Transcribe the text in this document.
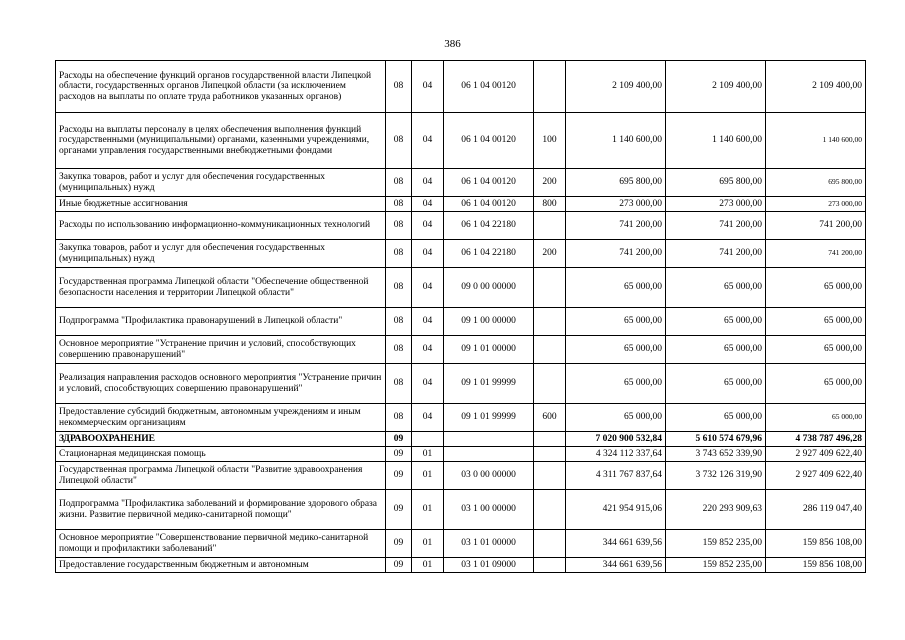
386
Расходы на обеспечение функций органов государственной власти Липецкой области, государственных органов Липецкой области (за исключением расходов на выплаты по оплате труда работников указанных органов)	08	04	06 1 04 00120		2 109 400,00	2 109 400,00	2 109 400,00
Расходы на выплаты персоналу в целях обеспечения выполнения функций государственными (муниципальными) органами, казенными учреждениями, органами управления государственными внебюджетными фондами	08	04	06 1 04 00120	100	1 140 600,00	1 140 600,00	1 140 600,00
Закупка товаров, работ и услуг для обеспечения государственных (муниципальных) нужд	08	04	06 1 04 00120	200	695 800,00	695 800,00	695 800,00
Иные бюджетные ассигнования	08	04	06 1 04 00120	800	273 000,00	273 000,00	273 000,00
Расходы по использованию информационно-коммуникационных технологий	08	04	06 1 04 22180		741 200,00	741 200,00	741 200,00
Закупка товаров, работ и услуг для обеспечения государственных (муниципальных) нужд	08	04	06 1 04 22180	200	741 200,00	741 200,00	741 200,00
Государственная программа Липецкой области "Обеспечение общественной безопасности населения и территории Липецкой области"	08	04	09 0 00 00000		65 000,00	65 000,00	65 000,00
Подпрограмма "Профилактика правонарушений в Липецкой области"	08	04	09 1 00 00000		65 000,00	65 000,00	65 000,00
Основное мероприятие "Устранение причин и условий, способствующих совершению правонарушений"	08	04	09 1 01 00000		65 000,00	65 000,00	65 000,00
Реализация направления расходов основного мероприятия "Устранение причин и условий, способствующих совершению правонарушений"	08	04	09 1 01 99999		65 000,00	65 000,00	65 000,00
Предоставление субсидий бюджетным, автономным учреждениям и иным некоммерческим организациям	08	04	09 1 01 99999	600	65 000,00	65 000,00	65 000,00
ЗДРАВООХРАНЕНИЕ	09				7 020 900 532,84	5 610 574 679,96	4 738 787 496,28
Стационарная медицинская помощь	09	01			4 324 112 337,64	3 743 652 339,90	2 927 409 622,40
Государственная программа Липецкой области "Развитие здравоохранения Липецкой области"	09	01	03 0 00 00000		4 311 767 837,64	3 732 126 319,90	2 927 409 622,40
Подпрограмма "Профилактика заболеваний и формирование здорового образа жизни. Развитие первичной медико-санитарной помощи"	09	01	03 1 00 00000		421 954 915,06	220 293 909,63	286 119 047,40
Основное мероприятие "Совершенствование первичной медико-санитарной помощи и профилактики заболеваний"	09	01	03 1 01 00000		344 661 639,56	159 852 235,00	159 856 108,00
Предоставление государственным бюджетным и автономным	09	01	03 1 01 09000		344 661 639,56	159 852 235,00	159 856 108,00
